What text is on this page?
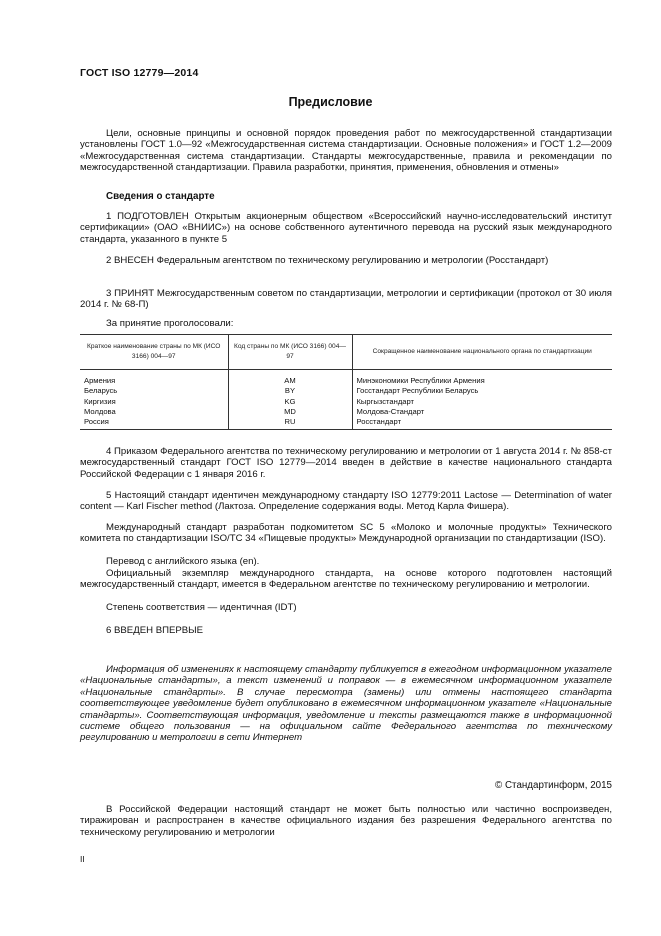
ГОСТ ISO 12779—2014
Предисловие
Цели, основные принципы и основной порядок проведения работ по межгосударственной стандартизации установлены ГОСТ 1.0—92 «Межгосударственная система стандартизации. Основные положения» и ГОСТ 1.2—2009 «Межгосударственная система стандартизации. Стандарты межгосударственные, правила и рекомендации по межгосударственной стандартизации. Правила разработки, принятия, применения, обновления и отмены»
Сведения о стандарте
1 ПОДГОТОВЛЕН Открытым акционерным обществом «Всероссийский научно-исследовательский институт сертификации» (ОАО «ВНИИС») на основе собственного аутентичного перевода на русский язык международного стандарта, указанного в пункте 5
2 ВНЕСЕН Федеральным агентством по техническому регулированию и метрологии (Росстандарт)
3 ПРИНЯТ Межгосударственным советом по стандартизации, метрологии и сертификации (протокол от 30 июля 2014 г. № 68-П)
За принятие проголосовали:
Краткое наименование страны по МК (ИСО 3166) 004—97	Код страны по МК (ИСО 3166) 004—97	Сокращенное наименование национального органа по стандартизации
Армения	AM	Минэкономики Республики Армения
Беларусь	BY	Госстандарт Республики Беларусь
Киргизия	KG	Кыргызстандарт
Молдова	MD	Молдова-Стандарт
Россия	RU	Росстандарт
4 Приказом Федерального агентства по техническому регулированию и метрологии от 1 августа 2014 г. № 858-ст межгосударственный стандарт ГОСТ ISO 12779—2014 введен в действие в качестве национального стандарта Российской Федерации с 1 января 2016 г.
5 Настоящий стандарт идентичен международному стандарту ISO 12779:2011 Lactose — Determination of water content — Karl Fischer method (Лактоза. Определение содержания воды. Метод Карла Фишера).
Международный стандарт разработан подкомитетом SC 5 «Молоко и молочные продукты» Технического комитета по стандартизации ISO/TC 34 «Пищевые продукты» Международной организации по стандартизации (ISO).
Перевод с английского языка (en).
Официальный экземпляр международного стандарта, на основе которого подготовлен настоящий межгосударственный стандарт, имеется в Федеральном агентстве по техническому регулированию и метрологии.
Степень соответствия — идентичная (IDT)
6 ВВЕДЕН ВПЕРВЫЕ
Информация об изменениях к настоящему стандарту публикуется в ежегодном информационном указателе «Национальные стандарты», а текст изменений и поправок — в ежемесячном информационном указателе «Национальные стандарты». В случае пересмотра (замены) или отмены настоящего стандарта соответствующее уведомление будет опубликовано в ежемесячном информационном указателе «Национальные стандарты». Соответствующая информация, уведомление и тексты размещаются также в информационной системе общего пользования — на официальном сайте Федерального агентства по техническому регулированию и метрологии в сети Интернет
© Стандартинформ, 2015
В Российской Федерации настоящий стандарт не может быть полностью или частично воспроизведен, тиражирован и распространен в качестве официального издания без разрешения Федерального агентства по техническому регулированию и метрологии
II
